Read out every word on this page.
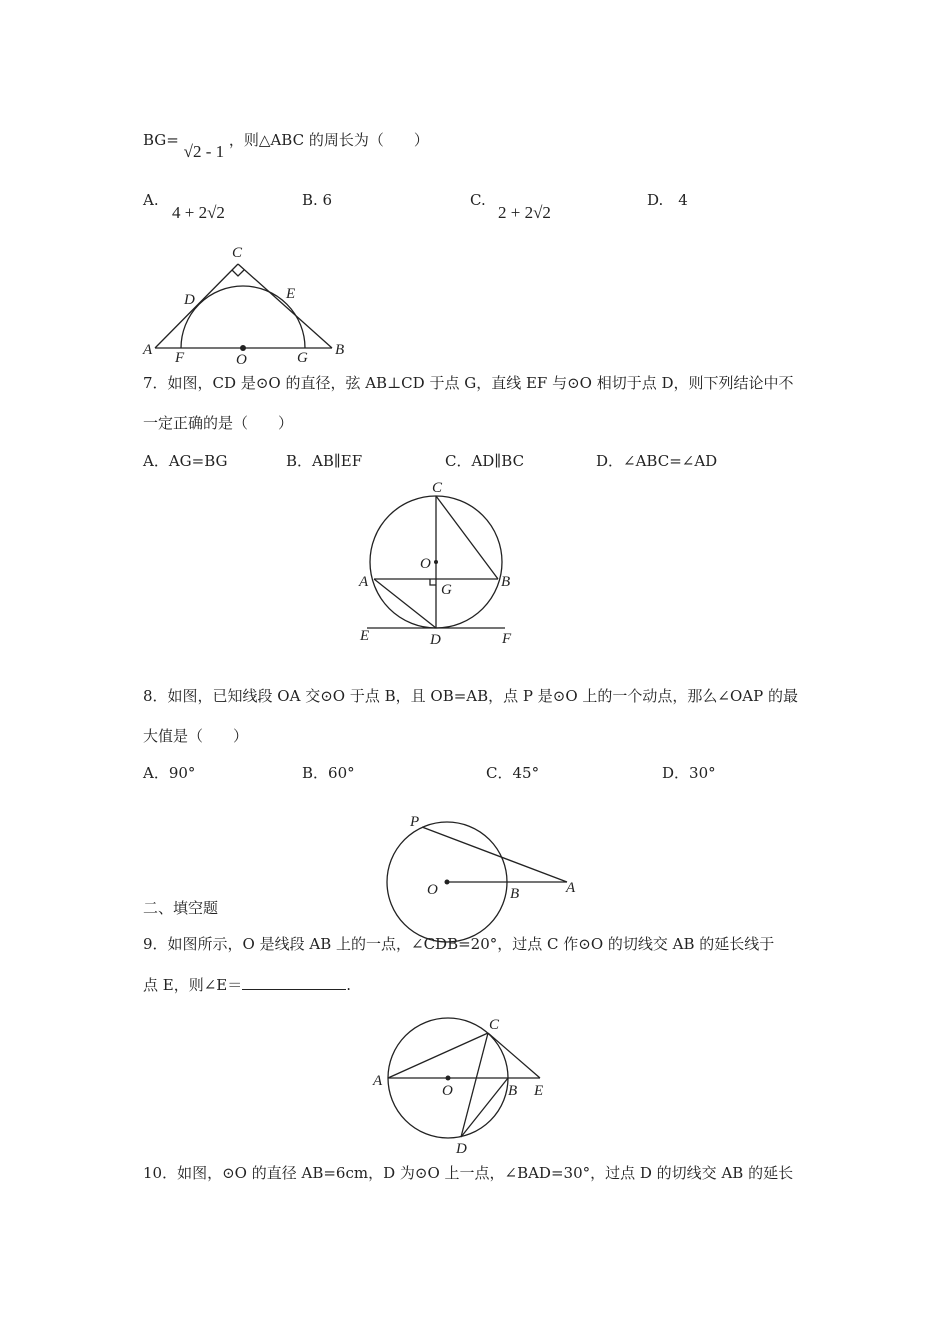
BG= √2 - 1 ，则△ABC 的周长为（　　）
A.
4 + 2√2
B. 6	C.
2 + 2√2
D.　4
C
D	E
A F	O	G B
7．如图，CD 是⊙O 的直径，弦 AB⊥CD 于点 G，直线 EF 与⊙O 相切于点 D，则下列结论中不
一定正确的是（　　）
A．AG=BG	B．AB∥EF	C．AD∥BC	D．∠ABC=∠AD
C
O
A	G	B
E	D	F
8．如图，已知线段 OA 交⊙O 于点 B，且 OB=AB，点 P 是⊙O 上的一个动点，那么∠OAP 的最
大值是（　　）
A．90°	B．60°	C．45°	D．30°
P
O	B	A
二、填空题
9．如图所示，O 是线段 AB 上的一点，∠CDB=20°，过点 C 作⊙O 的切线交 AB 的延长线于
点 E，则∠E＝	.
C
A
O	B E
D
10．如图，⊙O 的直径 AB=6cm，D 为⊙O 上一点，∠BAD=30°，过点 D 的切线交 AB 的延长
